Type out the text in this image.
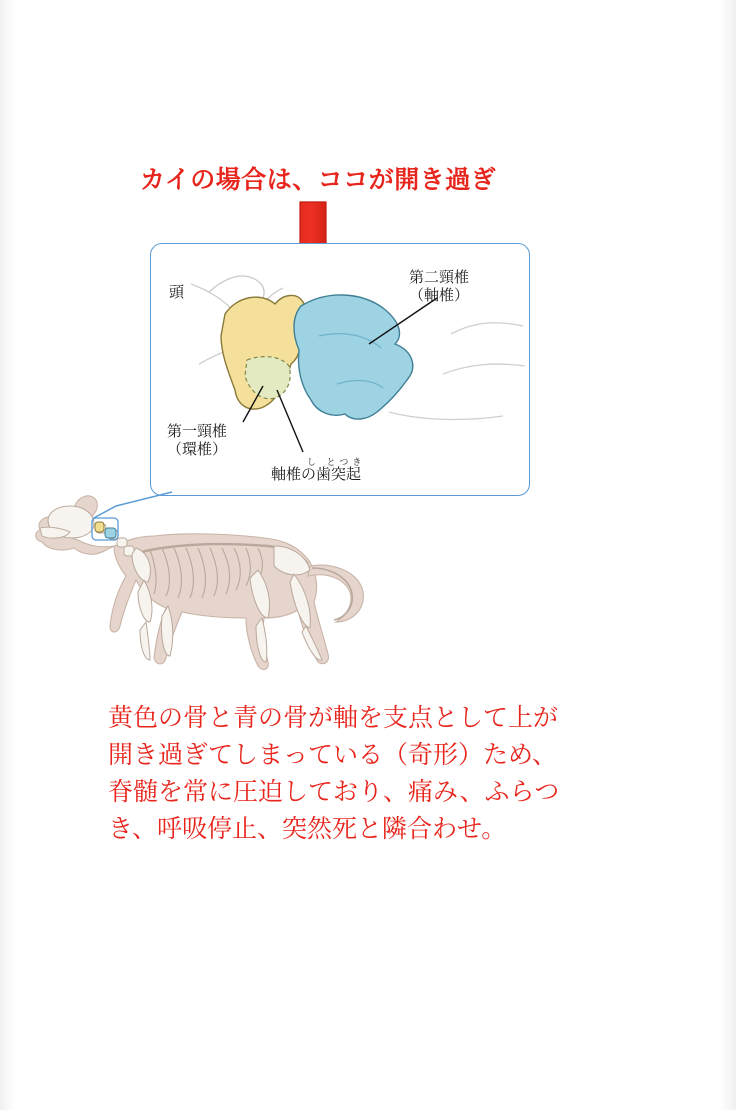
カイの場合は、ココが開き過ぎ
頭
第二頸椎
（軸椎）
第一頸椎
（環椎）
し とつき
軸椎の歯突起
黄色の骨と青の骨が軸を支点として上が
開き過ぎてしまっている（奇形）ため、
脊髄を常に圧迫しており、痛み、ふらつ
き、呼吸停止、突然死と隣合わせ。
